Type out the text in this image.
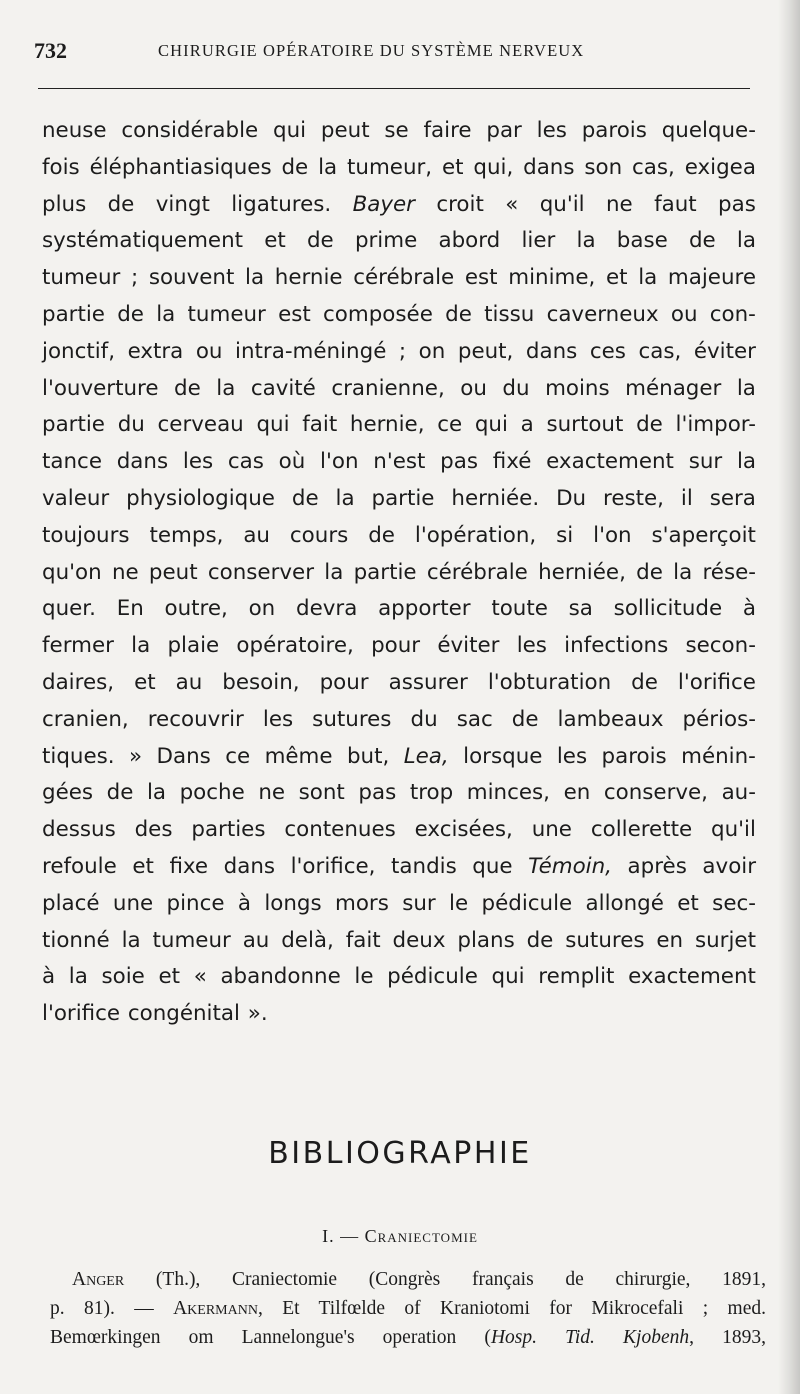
732	CHIRURGIE OPÉRATOIRE DU SYSTÈME NERVEUX
neuse considérable qui peut se faire par les parois quelque-
fois éléphantiasiques de la tumeur, et qui, dans son cas, exigea
plus de vingt ligatures. Bayer croit « qu'il ne faut pas
systématiquement et de prime abord lier la base de la
tumeur ; souvent la hernie cérébrale est minime, et la majeure
partie de la tumeur est composée de tissu caverneux ou con-
jonctif, extra ou intra-méningé ; on peut, dans ces cas, éviter
l'ouverture de la cavité cranienne, ou du moins ménager la
partie du cerveau qui fait hernie, ce qui a surtout de l'impor-
tance dans les cas où l'on n'est pas fixé exactement sur la
valeur physiologique de la partie herniée. Du reste, il sera
toujours temps, au cours de l'opération, si l'on s'aperçoit
qu'on ne peut conserver la partie cérébrale herniée, de la rése-
quer. En outre, on devra apporter toute sa sollicitude à
fermer la plaie opératoire, pour éviter les infections secon-
daires, et au besoin, pour assurer l'obturation de l'orifice
cranien, recouvrir les sutures du sac de lambeaux périos-
tiques. » Dans ce même but, Lea, lorsque les parois ménin-
gées de la poche ne sont pas trop minces, en conserve, au-
dessus des parties contenues excisées, une collerette qu'il
refoule et fixe dans l'orifice, tandis que Témoin, après avoir
placé une pince à longs mors sur le pédicule allongé et sec-
tionné la tumeur au delà, fait deux plans de sutures en surjet
à la soie et « abandonne le pédicule qui remplit exactement
l'orifice congénital ».
BIBLIOGRAPHIE
I. — Craniectomie
Anger (Th.), Craniectomie (Congrès français de chirurgie, 1891,
p. 81). — Akermann, Et Tilfœlde of Kraniotomi for Mikrocefali ; med.
Bemœrkingen om Lannelongue's operation (Hosp. Tid. Kjobenh, 1893,
